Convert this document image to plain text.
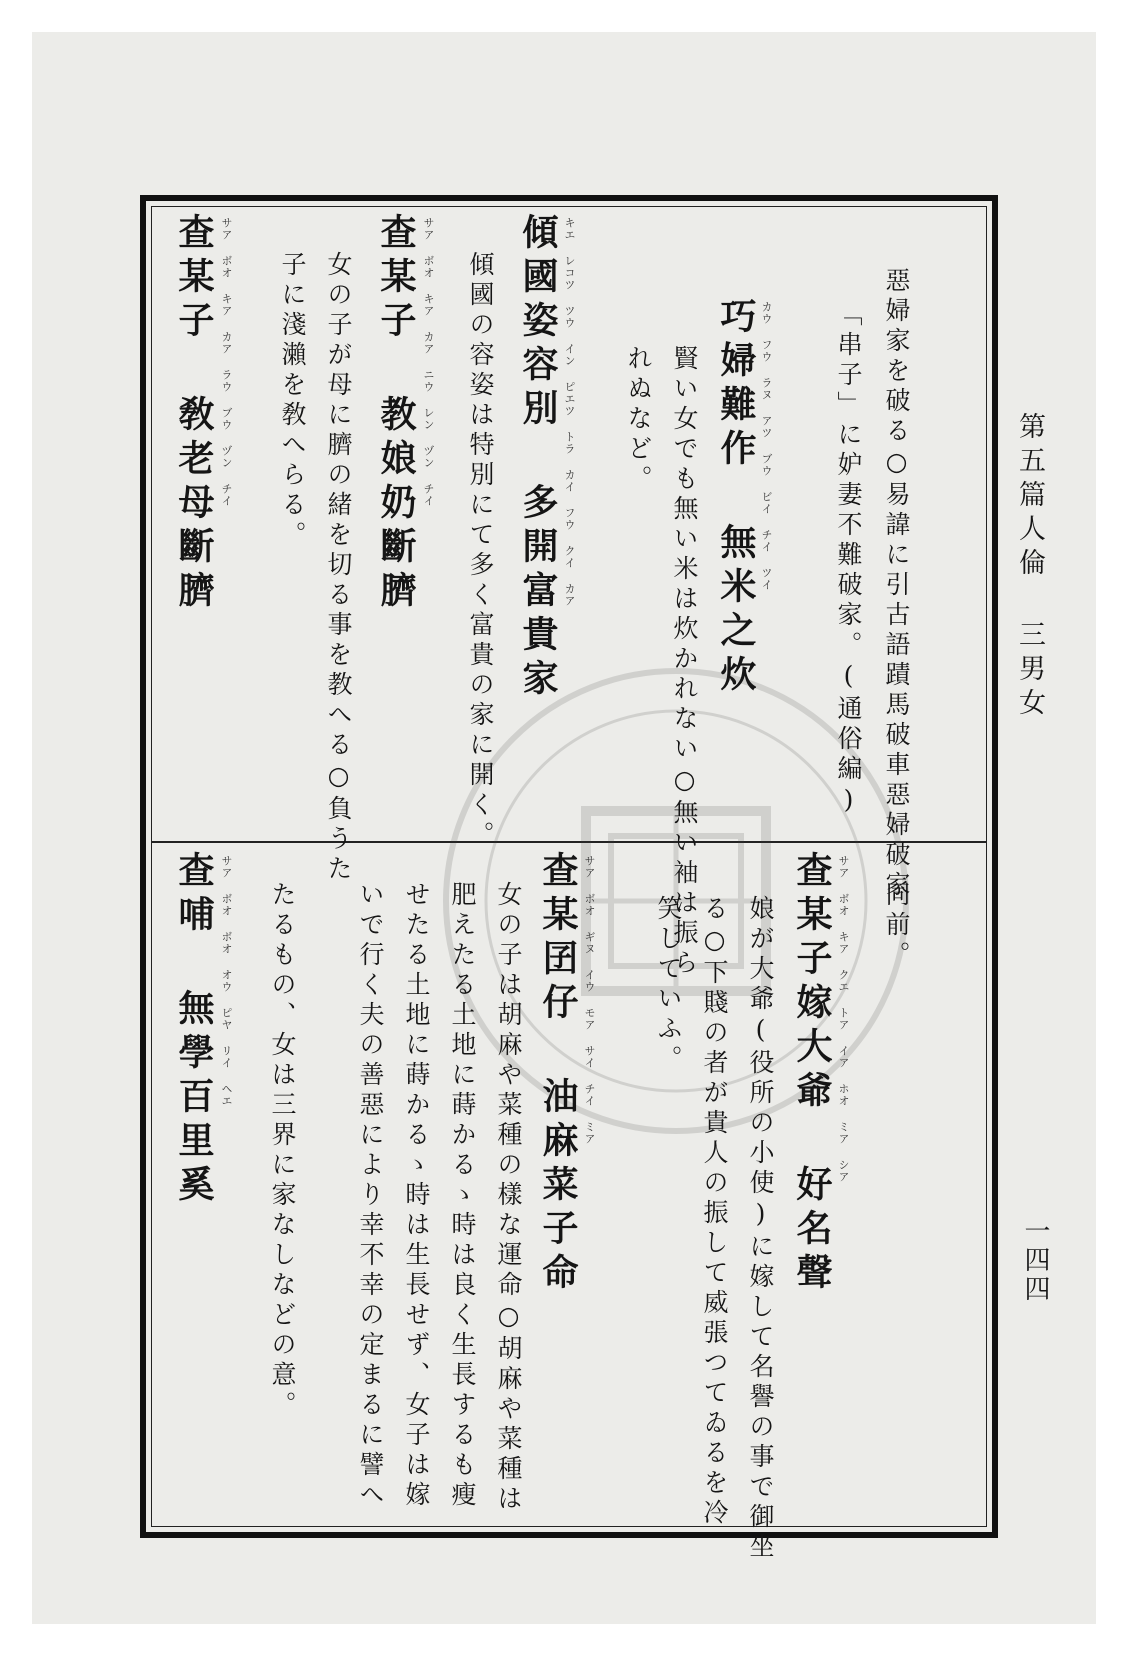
第五篇人倫 三男女
一四四
惡婦家を破る○易諱に引古語蹟馬破車惡婦破家
「串子」に妒妻不難破家。(通俗編)
巧婦難作 無米之炊 カウ フウ ラヌ アツ ブウ ビイ チイ ツイ
賢い女でも無い米は炊かれない○無い袖は振ら
れぬなど。
傾國姿容別 多開富貴家 キエ レコツ ツウ イン ピエツ トラ カイ フウ クイ カア
傾國の容姿は特別にて多く富貴の家に開く。
查某子 教娘奶斷臍 サア ボオ キア カア ニウ レン ヅン チイ
女の子が母に臍の緒を切る事を教へる○負うた
子に淺瀨を敎へらる。
查某子 敎老母斷臍 サア ボオ キア カア ラウ ブウ ヅン チイ
同前。
查某子嫁大爺 好名聲 サア ボオ キア クエ トア イア ホオ ミア シア
娘が大爺(役所の小使)に嫁して名譽の事で御坐
る○下賤の者が貴人の振して威張つてゐるを冷
笑していふ。
查某囝仔 油麻菜子命 サア ボオ ギヌ イウ モア サイ チイ ミア
女の子は胡麻や菜種の樣な運命○胡麻や菜種は
肥えたる土地に蒔かるゝ時は良く生長するも瘦
せたる土地に蒔かるゝ時は生長せず、女子は嫁
いで行く夫の善惡により幸不幸の定まるに譬へ
たるもの、女は三界に家なしなどの意。
查哺 無學百里奚 サア ボオ ボオ オウ ピヤ リイ ヘエ
